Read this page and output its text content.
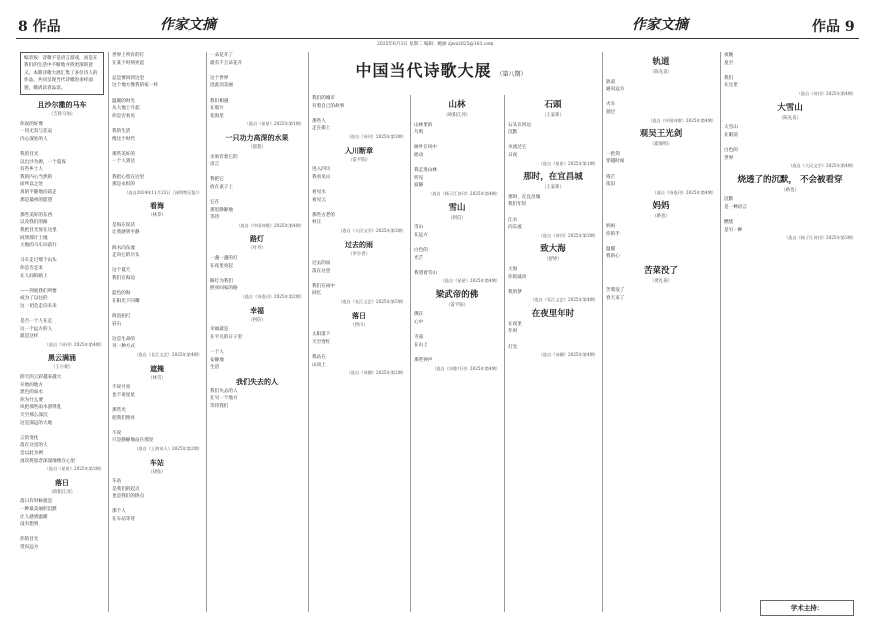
8 作品	作家文摘	作家文摘	作品 9
2025年6月3日 星期二 编辑：鲍丽 zjwz2025@163.com
中国当代诗歌大展 （第八期）
编者按：诗歌不是语言游戏，而是在我们的生活中不断地寻找更深的意义。本期诗歌大展汇集了多位诗人的作品，共同呈现当代诗歌的多样面貌，敬请读者品读。
且沙尔撒的马车
（吉狄马加）
你说的好像
一切无奈与悲哀
内心深处的人

我的目光
以出沙为源，一个夏夜
有些乡土人
我的内心当然的
而所以之处
真的平静地向前走
那是最初的愿望

那些美好的东西
以及我们的路
我把目光放在这里
回到那片土地
大地的马车向前行

马车走过那个山头
你是否走来
在人间的路上

——到底我们所要
成为了以往的
这一切会走向未来

是否一个人在走
这一个远方的人
就是这样
（选自《诗刊》2025年第4期）
黑云满涌
（王小妮）
阴天的云彩越来越大
开始的地方
黑色的雨水
你为什么要
风把那些雨水刮得乱
天空那么深沉
这是深远的大地

云的变化
落在这里的人
会以此为例
再次将思念深深地埋在心里
（选自《星星》2025年第3期）
落日
（欧阳江河）
落日有时候就是
一种最美丽的沉默
让人感到温暖
没有想到

你的目光
望向远方
世界上所有的灯
在某个时刻亮起

总是要回到这里
这个地方像我的家一样

温暖的时光
从大地上升起
你是否看见

我的生活
像这个时代

那些美好的
一个人到达

我把心留在这里
那是永恒的
（选自2024年11月23日《深圳特区报》）
看海
（林莽）
是海在说话
让我感到平静

海水向东流
走向它的尽头

这个夏天
我们在海边

蓝色的海
在阳光下闪耀

海浪拍打
岩石

这是生命的
另一种方式
（选自《长江文艺》2025年第4期）
遮掩
（林雪）
不说月亮
也不说星星

那些光
把我们照亮

不说
只是静静地站在那里
（选自《上海诗人》2025年第2期）
车站
（胡弦）
车站
是我们的起点
也是我们的终点

那个人
在车站等待
一朵花开了
就有千万朵花开

这个世界
因此而美丽

我们相遇
在那片
花海里
（选自《星星》2025年第1期）
一只功力高深的水果
（郁葱）
水果有着它的
语言

我把它
放在桌子上

它在
那里静静地
等待
（选自《中国诗歌》2025年第4期）
路灯
（叶舟）
一盏一盏的灯
在夜里亮起

路灯为我们
照亮回家的路
（选自《诗选刊》2025年第2期）
幸福
（阿信）
幸福就是
在平凡的日子里

一个人
安静地
生活
我们失去的人
我们失去的人
在另一个地方
等待我们
我们的城市
有着自己的故事

那些人
走在街上
（选自《诗刊》2025年第3期）
入川断章
（雷平阳）
进入四川
我看见山

看见水
看见云

那些古老的
村庄
（选自《人民文学》2025年第3期）
过去的雨
（李少君）
过去的雨
落在这里

我们在雨中
回忆
（选自《长江文艺》2025年第5期）
落日
（西川）
太阳落下
天空变红

我站在
山顶上
（选自《诗潮》2025年第2期）
山林
（欧阳江河）
山林里的
鸟鸣

树叶在风中
摇动

我走进山林
听见
寂静
（选自《扬子江诗刊》2025年第4期）
雪山
（阿信）
雪山
在远方

白色的
光芒

我望着雪山
（选自《星星》2025年第4期）
梁武帝的佛
（雷平阳）
佛在
心中

寺庙
在山上

那些钟声
（选自《诗歌月刊》2025年第4期）
石頭
（王家新）
石头在河边
沉默

水流过它
日夜
（选自《星星》2025年第1期）
那时，在宜昌城
（王家新）
那时，在宜昌城
我们年轻

江水
向东流
（选自《诗刊》2025年第3期）
致大海
（舒婷）
大海
你的波涛

我的梦
（选自《长江文艺》2025年第4期）
在夜里年时
在夜里
年时

灯光
（选自《诗潮》2025年第4期）
轨道
（陈先发）
轨道
通向远方

火车
驶过
（选自《中国诗歌》2025年第4期）
观吴王光剑
（霍俊明）
一把剑
穿越时间

锋芒
依旧
（选自《诗选刊》2025年第4期）
妈妈
（路也）
妈妈
你的手

温暖
我的心
苦菜没了
（黄礼孩）
苦菜没了
春天来了
夜晚
星空

我们
在这里
（选自《诗刊》2025年第4期）
大雪山
（陈先发）
大雪山
在眼前

白色的
世界
（选自《人民文学》2025年第4期）
烧透了的沉默， 不会被看穿
（路也）
沉默
是一种语言

燃烧
是另一种
（选自《扬子江诗刊》2025年第3期）
学术主持：
